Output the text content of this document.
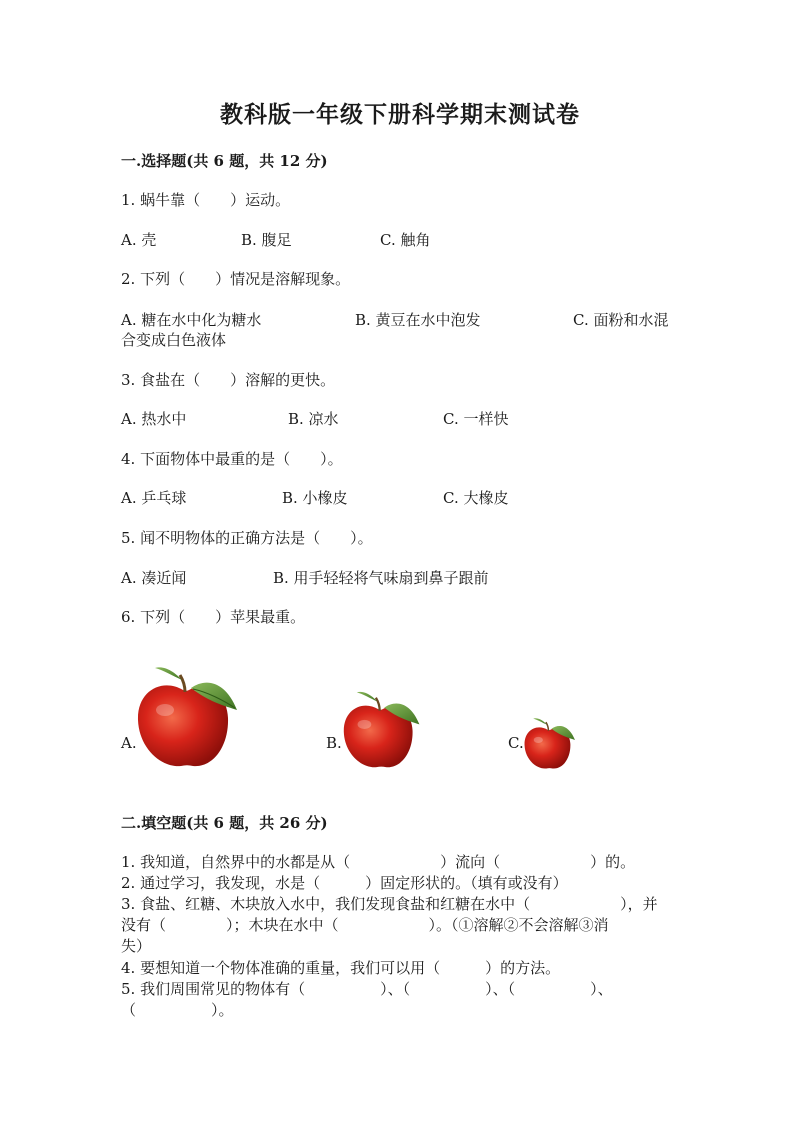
教科版一年级下册科学期末测试卷
一.选择题(共 6 题，共 12 分)
1. 蜗牛靠（　　）运动。
A. 壳	B. 腹足	C. 触角
2. 下列（　　）情况是溶解现象。
A. 糖在水中化为糖水	B. 黄豆在水中泡发	C. 面粉和水混
合变成白色液体
3. 食盐在（　　）溶解的更快。
A. 热水中	B. 凉水	C. 一样快
4. 下面物体中最重的是（　　）。
A. 乒乓球	B. 小橡皮	C. 大橡皮
5. 闻不明物体的正确方法是（　　）。
A. 凑近闻	B. 用手轻轻将气味扇到鼻子跟前
6. 下列（　　）苹果最重。
A.	B.	C.
二.填空题(共 6 题，共 26 分)
1. 我知道，自然界中的水都是从（　　　　　　）流向（　　　　　　）的。
2. 通过学习，我发现，水是（　　　）固定形状的。（填有或没有）
3. 食盐、红糖、木块放入水中，我们发现食盐和红糖在水中（　　　　　　），并
没有（　　　　）；木块在水中（　　　　　　）。（①溶解②不会溶解③消
失）
4. 要想知道一个物体准确的重量，我们可以用（　　　）的方法。
5. 我们周围常见的物体有（　　　　　）、（　　　　　）、（　　　　　）、
（　　　　　）。
